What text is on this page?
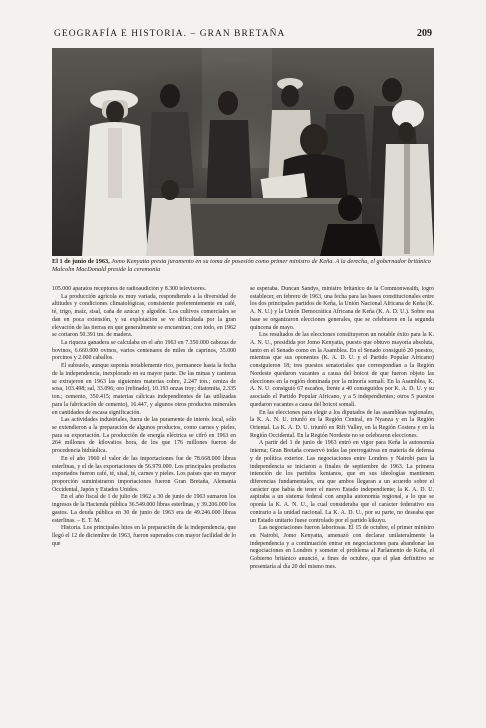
GEOGRAFÍA E HISTORIA. – GRAN BRETAÑA	209
El 1 de junio de 1963, Jomo Kenyatta presta juramento en su toma de posesión como primer ministro de Keña. A la derecha, el gobernador británico Malcolm MacDonald preside la ceremonia

105.000 aparatos receptores de radioaudición y 8.300 televisores.

La producción agrícola es muy variada, respondiendo a la diversidad de altitudes y condiciones climatológicas, consistente preferentemente en café, té, trigo, maíz, sisal, caña de azúcar y algodón. Los cultivos comerciales se dan en poca extensión, y su explotación se ve dificultada por la gran elevación de las tierras en que generalmente se encuentran; con todo, en 1962 se cortaron 50.391 tm. de madera.

La riqueza ganadera se calculaba en el año 1963 en 7.350.000 cabezas de bovinos, 6.660.000 ovinos, varios centenares de miles de caprinos, 35.000 porcinos y 2.000 caballos.

El subsuelo, aunque suponía notablemente rico, permanece hasta la fecha de la independencia, inexplorado en su mayor parte. De las minas y canteras se extrajeron en 1963 las siguientes materias cobre, 2.247 ton.; ceniza de sosa, 103.498; sal, 33.096; oro (refinado), 10.193 onzas troy; diatomita, 2.335 ton.; cemento, 350.415; materias cálcicas independientes de las utilizadas para la fabricación de cemento), 16.447, y algunos otros productos minerales en cantidades de escasa significación.

Las actividades industriales, fuera de las puramente de interés local, sólo se extendieron a la preparación de algunos productos, como carnes y pieles, para su exportación. La producción de energía eléctrica se cifró en 1963 en 264 millones de kilovatios hora, de los que 176 millones fueron de procedencia hidráulica.

En el año 1960 el valor de las importaciones fue de 78.668.000 libras esterlinas, y el de las exportaciones de 56.979.000. Los principales productos exportados fueron café, té, sisal, té, carnes y pieles. Los países que en mayor proporción suministraron importaciones fueron Gran Bretaña, Alemania Occidental, Japón y Estados Unidos.

En el año fiscal de 1 de julio de 1962 a 30 de junio de 1963 sumaron los ingresos de la Hacienda pública 36.549.000 libras esterlinas, y 39.206.000 los gastos. La deuda pública en 30 de junio de 1963 era de 49.246.000 libras esterlinas. – E. T. M.

Historia. Los principales hitos en la preparación de la independencia, que llegó el 12 de diciembre de 1963, fueron superados con mayor facilidad de lo que

se esperaba. Duncan Sandys, ministro británico de la Commonwealth, logró establecer, en febrero de 1963, una fecha para las bases constitucionales entre los dos principales partidos de Keña, la Unión Nacional Africana de Keña (K. A. N. U.) y la Unión Democrática Africana de Keña (K. A. D. U.). Sobre esa base se organizaron elecciones generales, que se celebraron en la segunda quincena de mayo.

Los resultados de las elecciones constituyeron un notable éxito para la K. A. N. U., presidida por Jomo Kenyatta, puesto que obtuvo mayoría absoluta, tanto en el Senado como en la Asamblea. En el Senado consiguió 20 puestos, mientras que sus oponentes (K. A. D. U. y el Partido Popular Africano) consiguieron 18; tres puestos senatoriales que correspondían a la Región Nordeste quedaron vacantes a causa del boicot de que fueron objeto las elecciones en la región dominada por la minoría somalí. En la Asamblea, K. A. N. U. consiguió 67 escaños, frente a 40 conseguidos por K. A. D. U. y su asociado el Partido Popular Africano, y a 5 independientes; otros 5 puestos quedaron vacantes a causa del boicot somalí.

En las elecciones para elegir a los diputados de las asambleas regionales, la K. A. N. U. triunfó en la Región Central, en Nyanza y en la Región Oriental. La K. A. D. U. triunfó en Rift Valley, en la Región Costera y en la Región Occidental. En la Región Nordeste no se celebraron elecciones.

A partir del 1 de junio de 1963 entró en vigor para Keña la autonomía interna; Gran Bretaña conservó todas las prerrogativas en materia de defensa y de política exterior. Las negociaciones entre Londres y Nairobi para la independencia se iniciaron a finales de septiembre de 1963. La primera intención de los partidos kenianos, que en sus ideologías mantienen diferencias fundamentales, era que ambos llegaran a un acuerdo sobre el carácter que había de tener el nuevo Estado independiente; la K. A. D. U. aspiraba a un sistema federal con amplia autonomía regional, a lo que se oponía la K. A. N. U., la cual consideraba que el carácter federativo era contrario a la unidad nacional. La K. A. D. U., por su parte, no deseaba que un Estado unitario fuese controlado por el partido kikuyu.

Las negociaciones fueron laboriosas. El 15 de octubre, el primer ministro en Nairobi, Jomo Kenyatta, amenazó con declarar unilateralmente la independencia y a continuación entrar en negociaciones para abandonar las negociaciones en Londres y someter el problema al Parlamento de Keña, el Gobierno británico anunció, a fines de octubre, que el plan definitivo se presentaría al día 20 del mismo mes.
